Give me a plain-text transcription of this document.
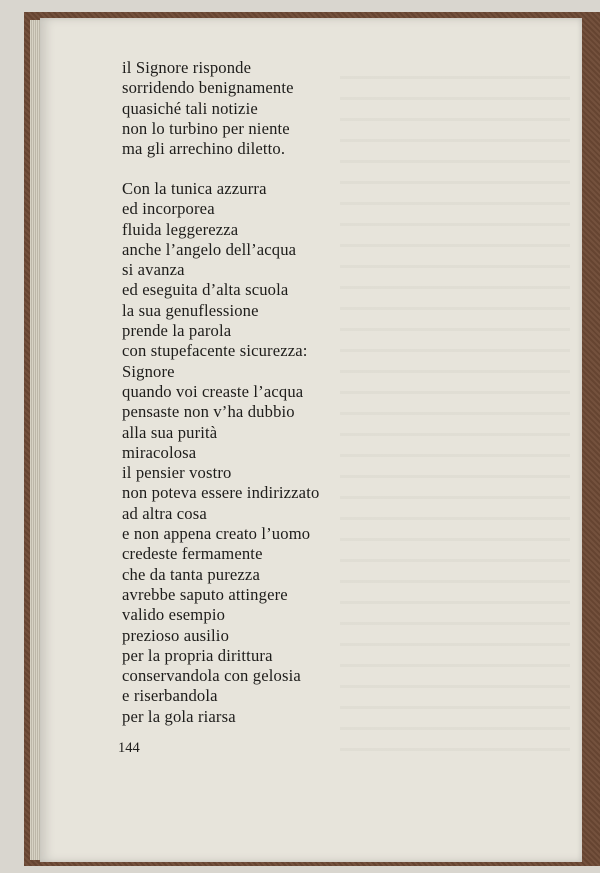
il Signore risponde
sorridendo benignamente
quasiché tali notizie
non lo turbino per niente
ma gli arrechino diletto.
Con la tunica azzurra
ed incorporea
fluida leggerezza
anche l’angelo dell’acqua
si avanza
ed eseguita d’alta scuola
la sua genuflessione
prende la parola
con stupefacente sicurezza:
Signore
quando voi creaste l’acqua
pensaste non v’ha dubbio
alla sua purità
miracolosa
il pensier vostro
non poteva essere indirizzato
ad altra cosa
e non appena creato l’uomo
credeste fermamente
che da tanta purezza
avrebbe saputo attingere
valido esempio
prezioso ausilio
per la propria dirittura
conservandola con gelosia
e riserbandola
per la gola riarsa
144
